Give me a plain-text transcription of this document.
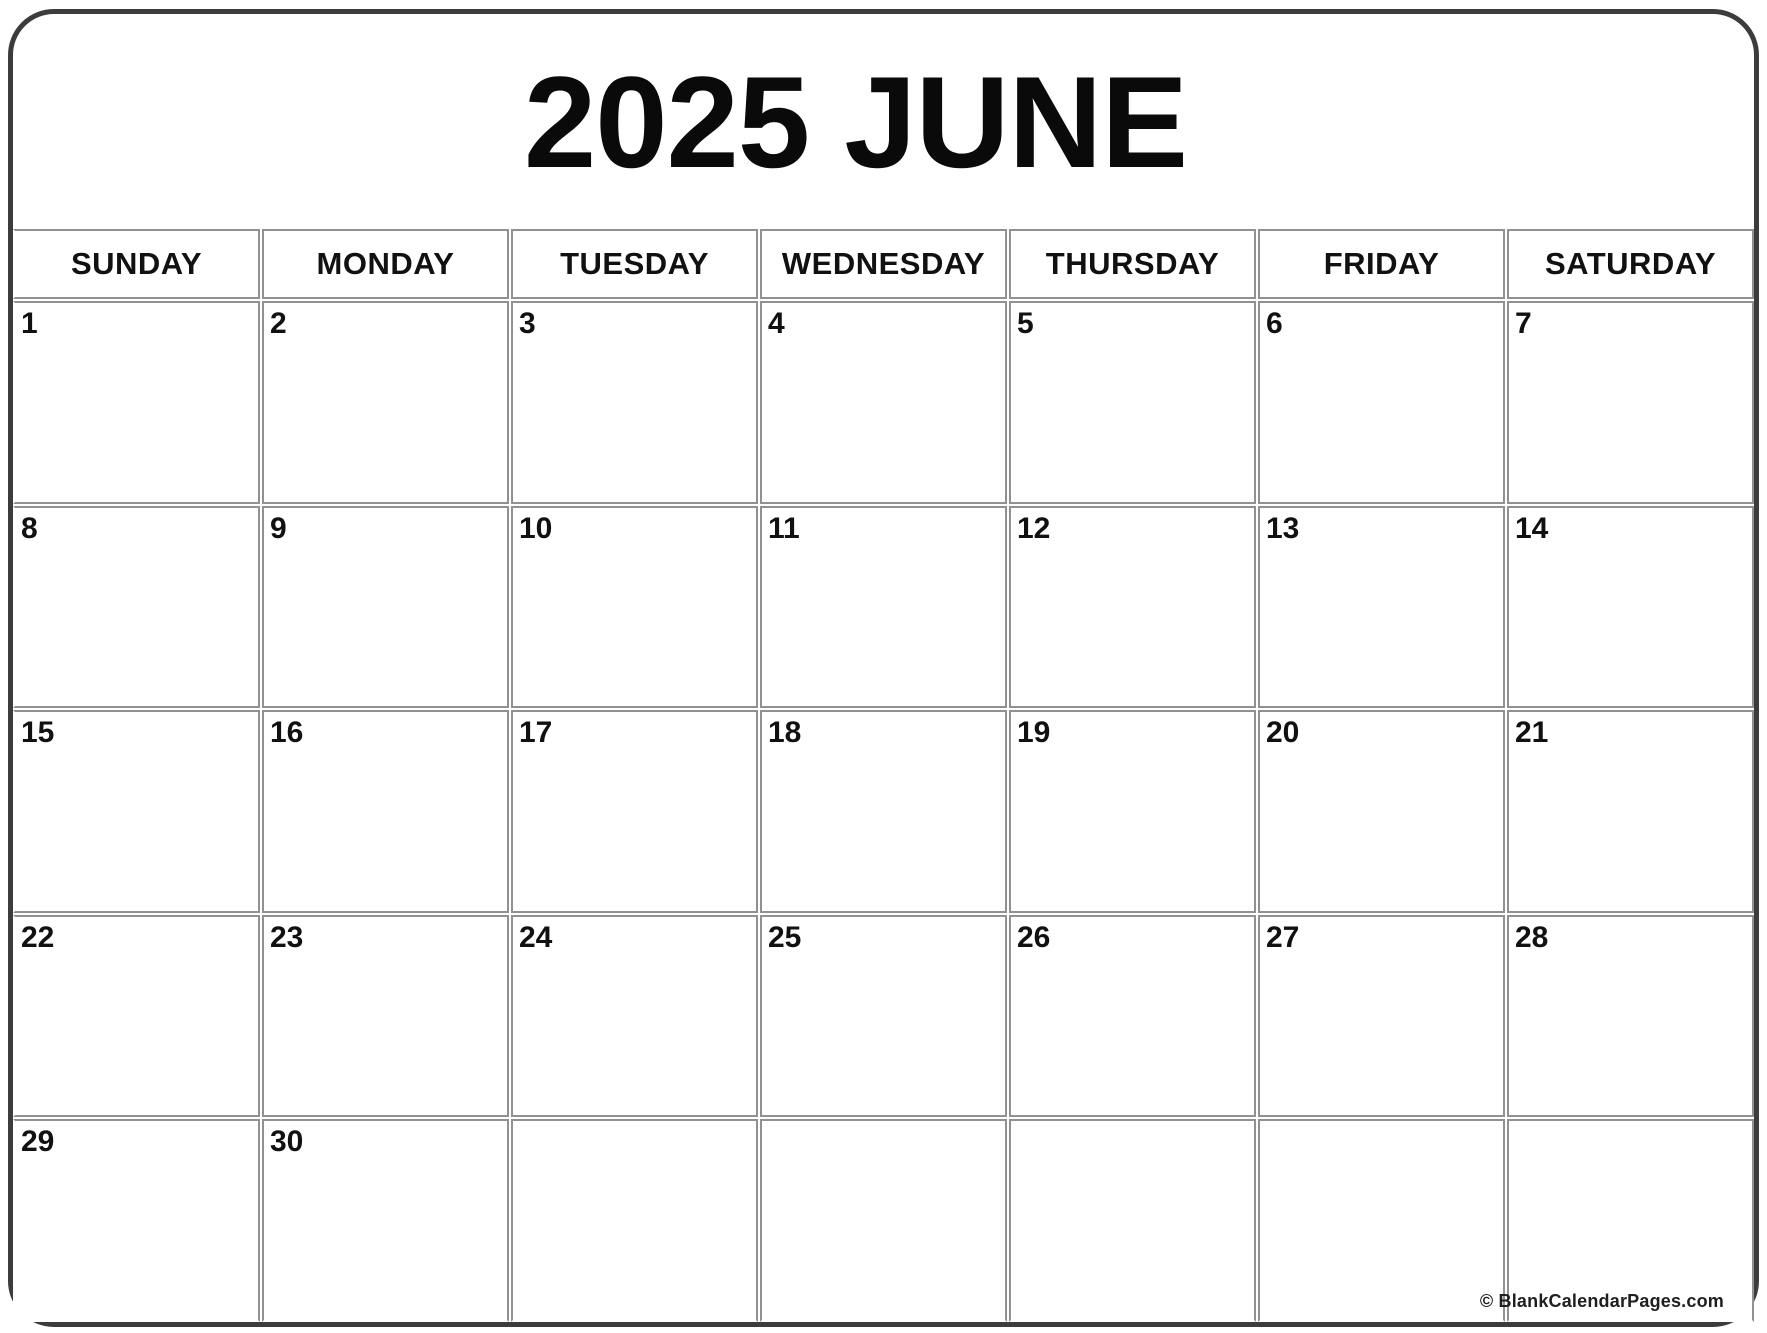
2025 JUNE
SUNDAY	MONDAY	TUESDAY	WEDNESDAY	THURSDAY	FRIDAY	SATURDAY
1	2	3	4	5	6	7
8	9	10	11	12	13	14
15	16	17	18	19	20	21
22	23	24	25	26	27	28
29	30
© BlankCalendarPages.com
